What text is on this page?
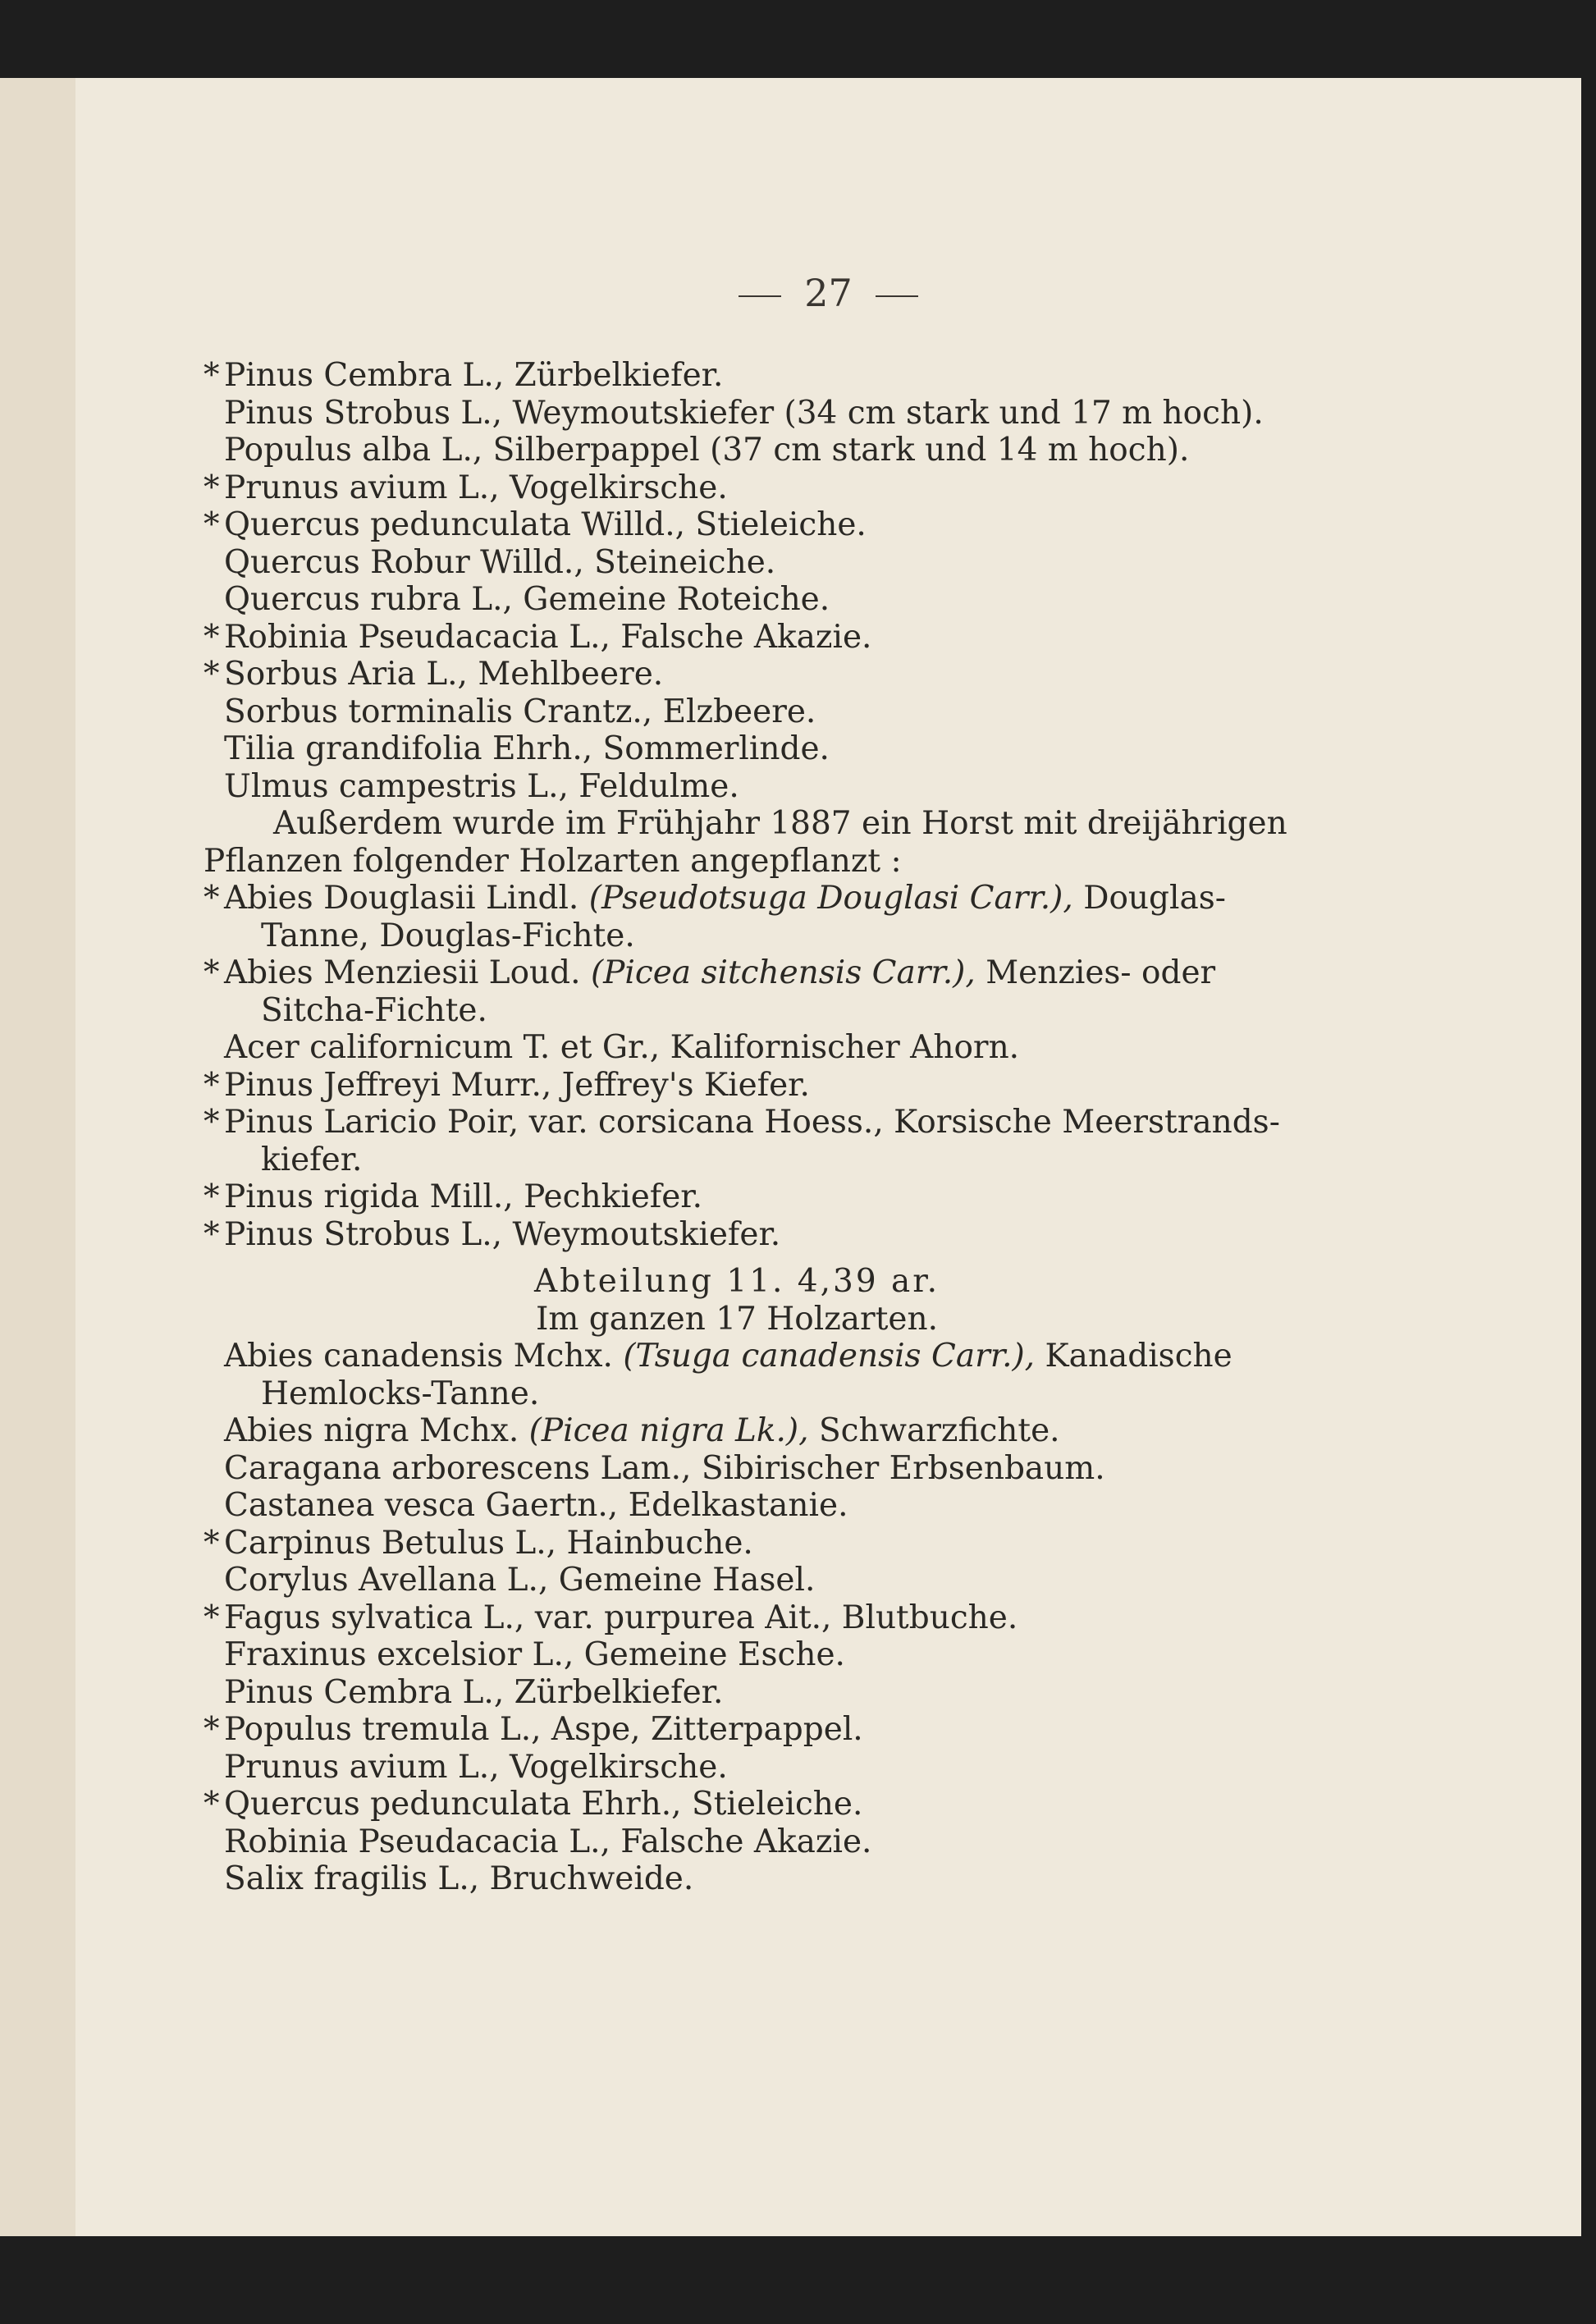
27
* Pinus Cembra L., Zürbelkiefer.
Pinus Strobus L., Weymoutskiefer (34 cm stark und 17 m hoch).
Populus alba L., Silberpappel (37 cm stark und 14 m hoch).
* Prunus avium L., Vogelkirsche.
* Quercus pedunculata Willd., Stieleiche.
Quercus Robur Willd., Steineiche.
Quercus rubra L., Gemeine Roteiche.
* Robinia Pseudacacia L., Falsche Akazie.
* Sorbus Aria L., Mehlbeere.
Sorbus torminalis Crantz., Elzbeere.
Tilia grandifolia Ehrh., Sommerlinde.
Ulmus campestris L., Feldulme.
Außerdem wurde im Frühjahr 1887 ein Horst mit dreijährigen
Pflanzen folgender Holzarten angepflanzt :
* Abies Douglasii Lindl. (Pseudotsuga Douglasi Carr.), Douglas-
Tanne, Douglas-Fichte.
* Abies Menziesii Loud. (Picea sitchensis Carr.), Menzies- oder
Sitcha-Fichte.
Acer californicum T. et Gr., Kalifornischer Ahorn.
* Pinus Jeffreyi Murr., Jeffrey's Kiefer.
* Pinus Laricio Poir, var. corsicana Hoess., Korsische Meerstrands-
kiefer.
* Pinus rigida Mill., Pechkiefer.
* Pinus Strobus L., Weymoutskiefer.
Abteilung 11. 4,39 ar.
Im ganzen 17 Holzarten.
Abies canadensis Mchx. (Tsuga canadensis Carr.), Kanadische
Hemlocks-Tanne.
Abies nigra Mchx. (Picea nigra Lk.), Schwarzfichte.
Caragana arborescens Lam., Sibirischer Erbsenbaum.
Castanea vesca Gaertn., Edelkastanie.
* Carpinus Betulus L., Hainbuche.
Corylus Avellana L., Gemeine Hasel.
* Fagus sylvatica L., var. purpurea Ait., Blutbuche.
Fraxinus excelsior L., Gemeine Esche.
Pinus Cembra L., Zürbelkiefer.
* Populus tremula L., Aspe, Zitterpappel.
Prunus avium L., Vogelkirsche.
* Quercus pedunculata Ehrh., Stieleiche.
Robinia Pseudacacia L., Falsche Akazie.
Salix fragilis L., Bruchweide.
